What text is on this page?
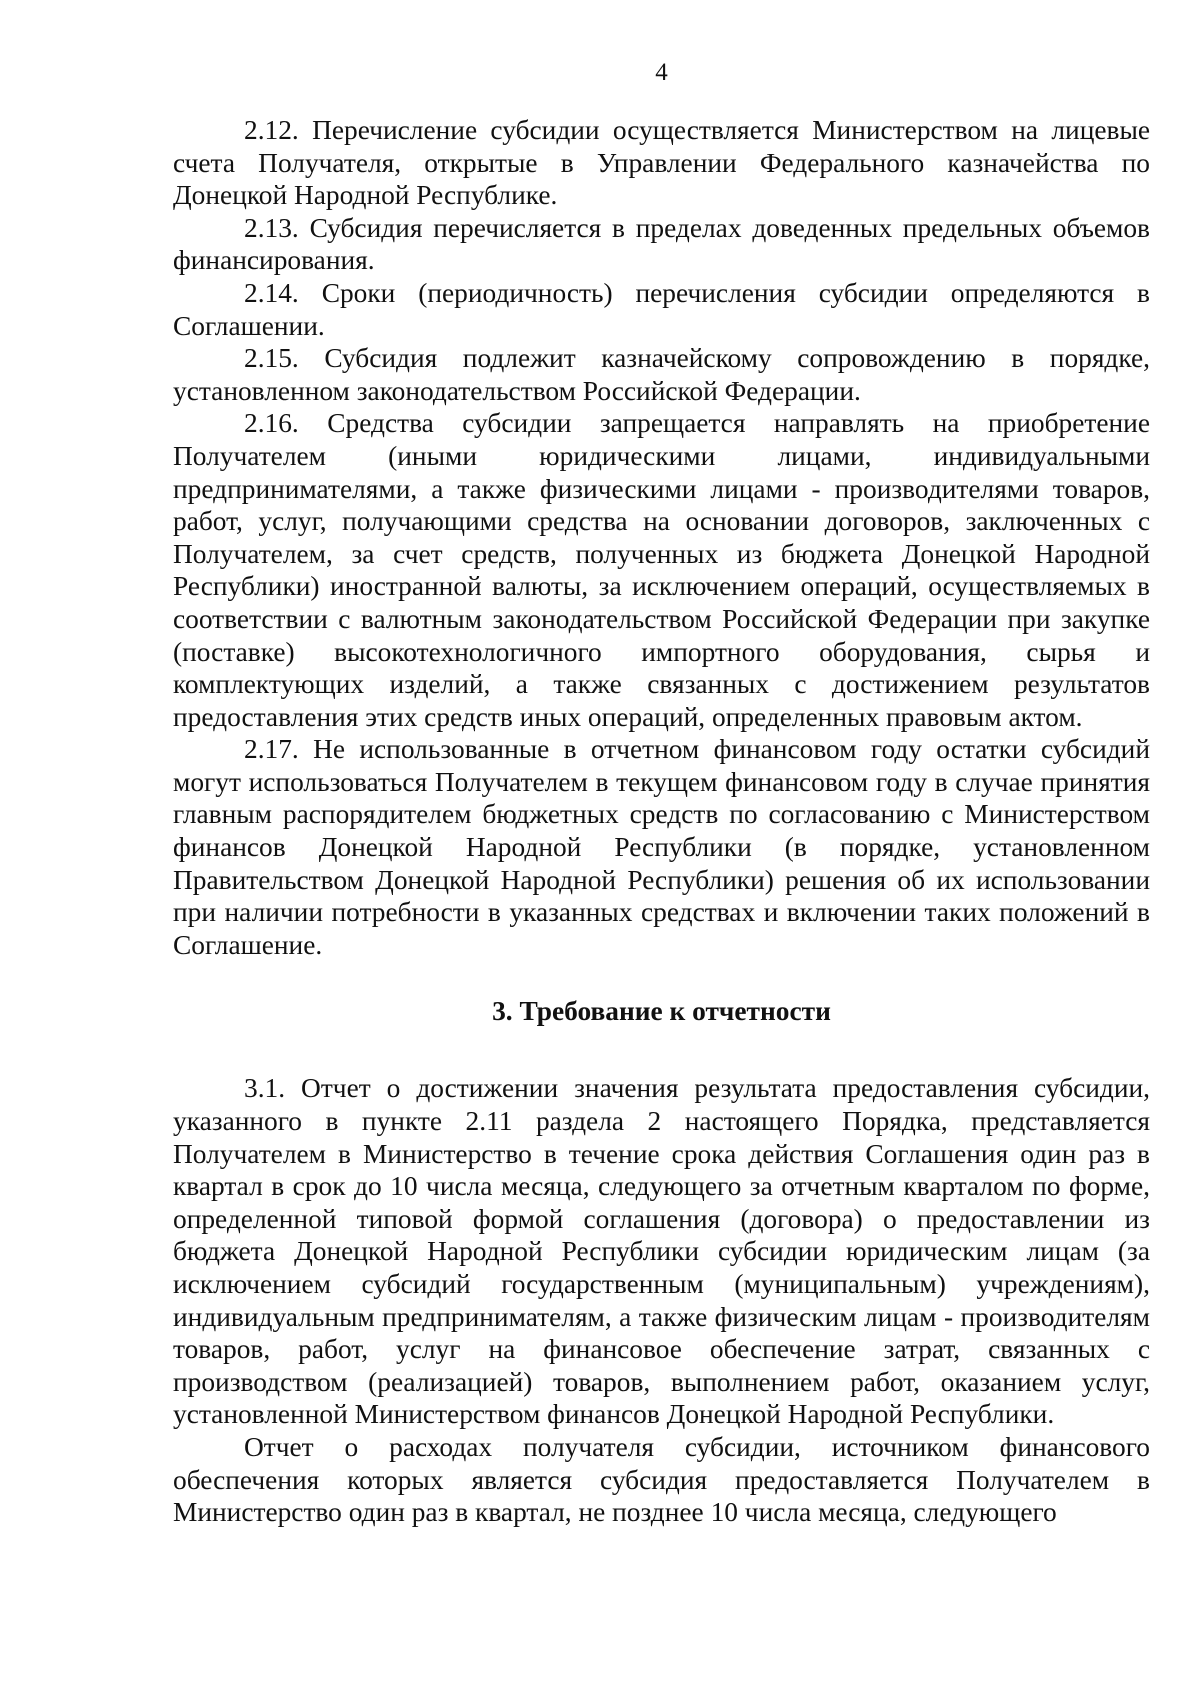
4

2.12. Перечисление субсидии осуществляется Министерством на лицевые счета Получателя, открытые в Управлении Федерального казначейства по Донецкой Народной Республике.

2.13. Субсидия перечисляется в пределах доведенных предельных объемов финансирования.

2.14. Сроки (периодичность) перечисления субсидии определяются в Соглашении.

2.15. Субсидия подлежит казначейскому сопровождению в порядке, установленном законодательством Российской Федерации.

2.16. Средства субсидии запрещается направлять на приобретение Получателем (иными юридическими лицами, индивидуальными предпринимателями, а также физическими лицами - производителями товаров, работ, услуг, получающими средства на основании договоров, заключенных с Получателем, за счет средств, полученных из бюджета Донецкой Народной Республики) иностранной валюты, за исключением операций, осуществляемых в соответствии с валютным законодательством Российской Федерации при закупке (поставке) высокотехнологичного импортного оборудования, сырья и комплектующих изделий, а также связанных с достижением результатов предоставления этих средств иных операций, определенных правовым актом.

2.17. Не использованные в отчетном финансовом году остатки субсидий могут использоваться Получателем в текущем финансовом году в случае принятия главным распорядителем бюджетных средств по согласованию с Министерством финансов Донецкой Народной Республики (в порядке, установленном Правительством Донецкой Народной Республики) решения об их использовании при наличии потребности в указанных средствах и включении таких положений в Соглашение.

3. Требование к отчетности

3.1. Отчет о достижении значения результата предоставления субсидии, указанного в пункте 2.11 раздела 2 настоящего Порядка, представляется Получателем в Министерство в течение срока действия Соглашения один раз в квартал в срок до 10 числа месяца, следующего за отчетным кварталом по форме, определенной типовой формой соглашения (договора) о предоставлении из бюджета Донецкой Народной Республики субсидии юридическим лицам (за исключением субсидий государственным (муниципальным) учреждениям), индивидуальным предпринимателям, а также физическим лицам - производителям товаров, работ, услуг на финансовое обеспечение затрат, связанных с производством (реализацией) товаров, выполнением работ, оказанием услуг, установленной Министерством финансов Донецкой Народной Республики.

Отчет о расходах получателя субсидии, источником финансового обеспечения которых является субсидия предоставляется Получателем в Министерство один раз в квартал, не позднее 10 числа месяца, следующего
